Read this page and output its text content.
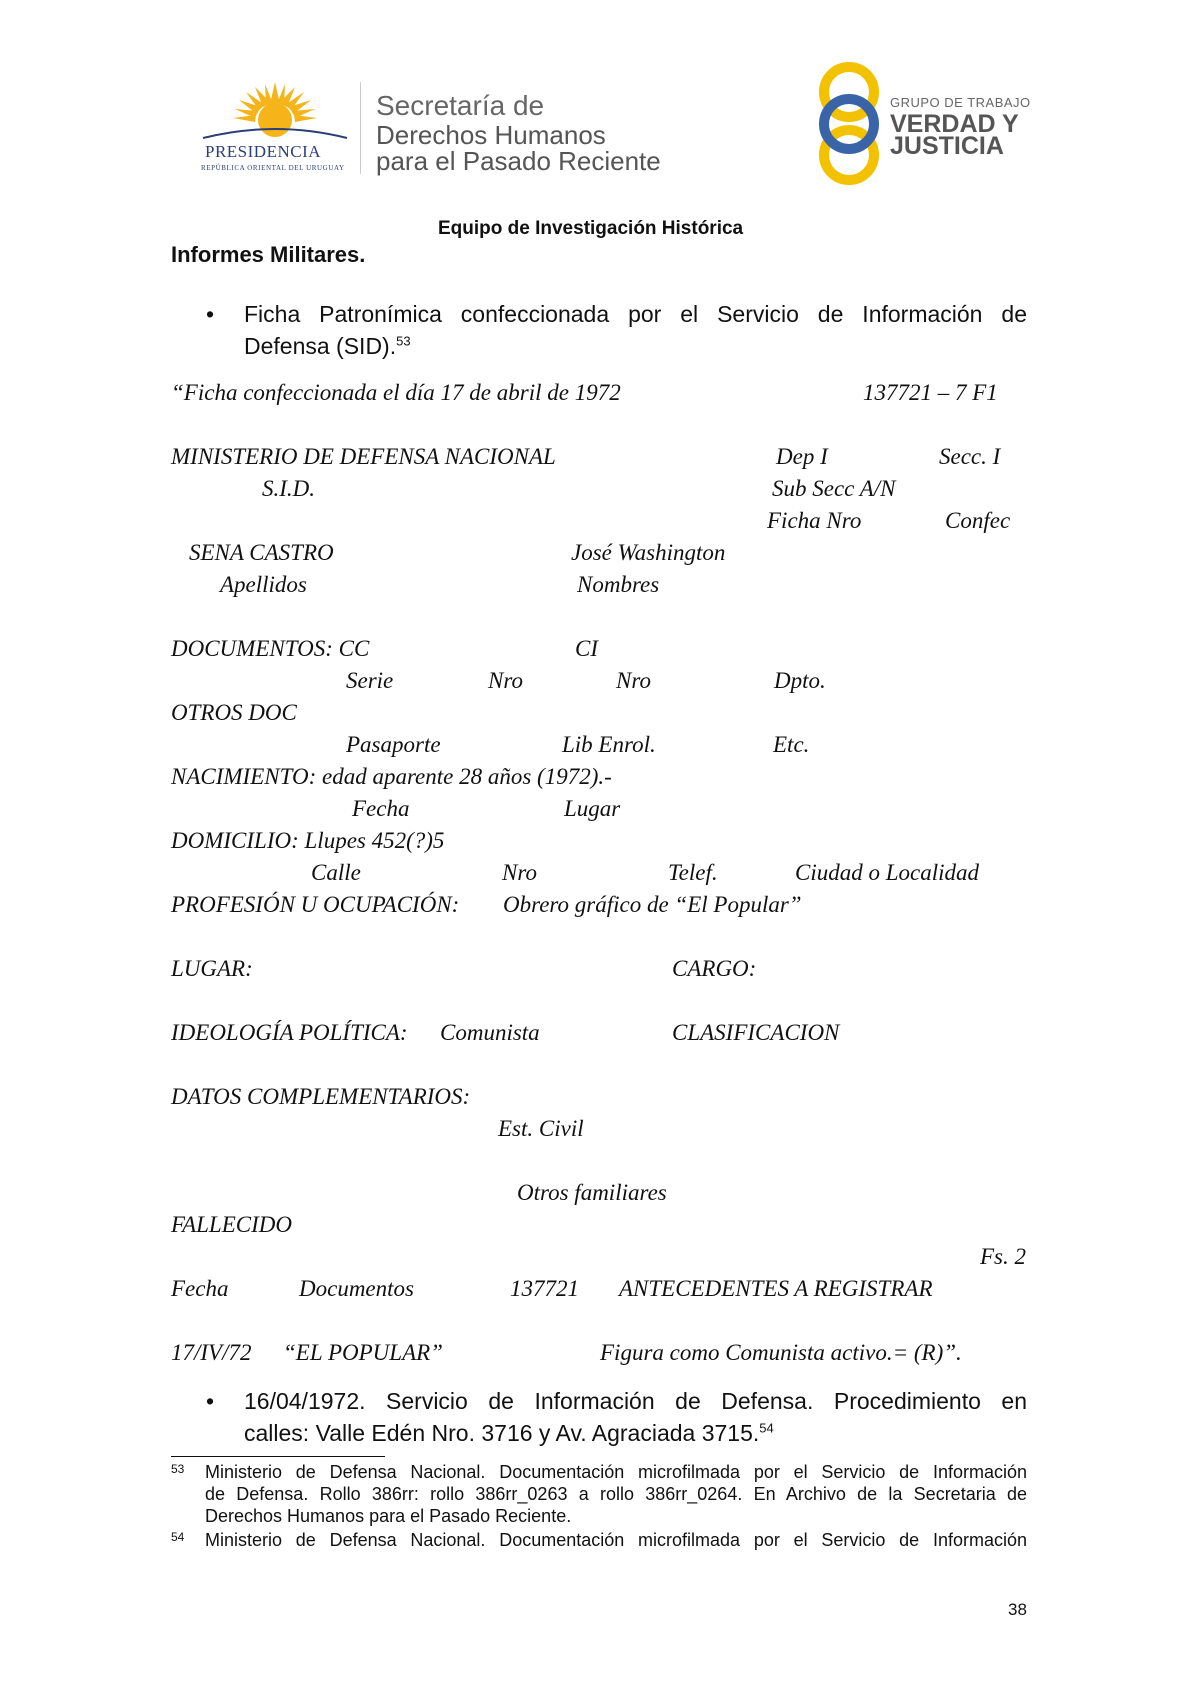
PRESIDENCIA
REPÚBLICA ORIENTAL DEL URUGUAY
Secretaría de
Derechos Humanos
para el Pasado Reciente
GRUPO DE TRABAJO
VERDAD Y
JUSTICIA
Equipo de Investigación Histórica
Informes Militares.
• Ficha Patronímica confeccionada por el Servicio de Información de
Defensa (SID).$^{53}$
“Ficha confeccionada el día 17 de abril de 1972	137721 – 7 F1
MINISTERIO DE DEFENSA NACIONAL	Dep I	Secc. I
S.I.D.	Sub Secc A/N
Ficha Nro	Confec
SENA CASTRO	José Washington
Apellidos	Nombres
DOCUMENTOS: CC	CI
Serie	Nro	Nro	Dpto.
OTROS DOC
Pasaporte	Lib Enrol.	Etc.
NACIMIENTO: edad aparente 28 años (1972).-
Fecha	Lugar
DOMICILIO: Llupes 452(?)5
Calle	Nro	Telef.	Ciudad o Localidad
PROFESIÓN U OCUPACIÓN: Obrero gráfico de “El Popular”
LUGAR:	CARGO:
IDEOLOGÍA POLÍTICA: Comunista	CLASIFICACION
DATOS COMPLEMENTARIOS:
Est. Civil
Otros familiares
FALLECIDO
Fs. 2
Fecha	Documentos	137721 ANTECEDENTES A REGISTRAR
17/IV/72 “EL POPULAR”	Figura como Comunista activo.= (R)”.
• 16/04/1972. Servicio de Información de Defensa. Procedimiento en
calles: Valle Edén Nro. 3716 y Av. Agraciada 3715.54
53 Ministerio de Defensa Nacional. Documentación microfilmada por el Servicio de Información
de Defensa. Rollo 386rr: rollo 386rr_0263 a rollo 386rr_0264. En Archivo de la Secretaria de
Derechos Humanos para el Pasado Reciente.
54 Ministerio de Defensa Nacional. Documentación microfilmada por el Servicio de Información
38
